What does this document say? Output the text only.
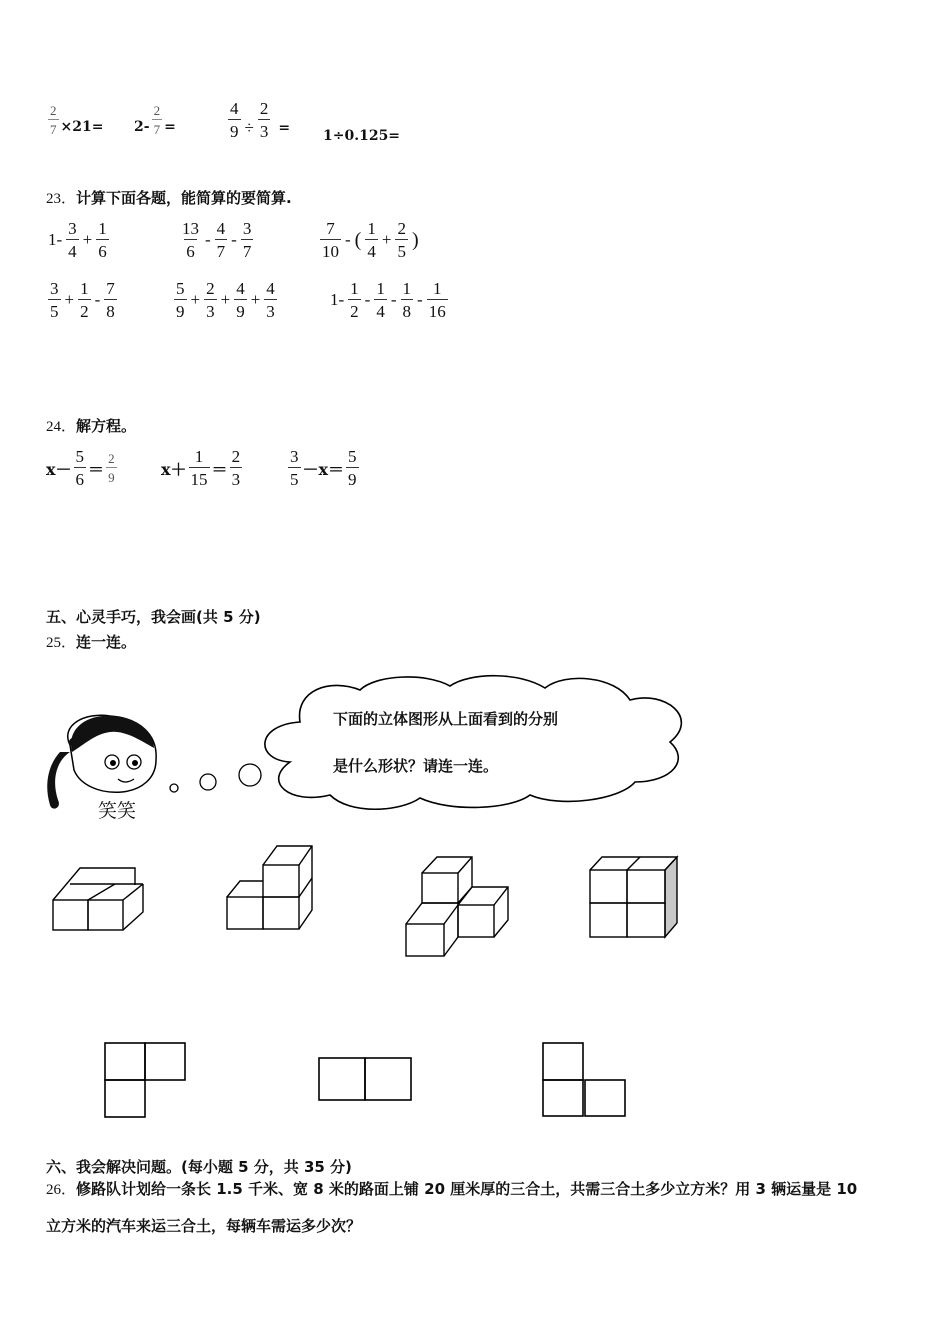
$\frac{2}{7} \times 21= 2- \frac{2}{7}$ =	$\frac{4}{9} \div \frac{2}{3} = 1\div 0.125=$
23．计算下面各题，能简算的要简算.
$1- \frac{3}{4} + \frac{1}{6}$	$\frac{13}{6} - \frac{4}{7} - \frac{3}{7}$	$\frac{7}{10}$ - ( $\frac{1}{4} + \frac{2}{5}$ )
$\frac{3}{5} + \frac{1}{2} - \frac{7}{8}$	$\frac{5}{9} + \frac{2}{3} + \frac{4}{9} + \frac{4}{3}$	$1- \frac{1}{2} - \frac{1}{4} - \frac{1}{8} - \frac{1}{16}$
24．解方程。
$x- \frac{5}{6} = \frac{2}{9}$	$x+ \frac{1}{15} = \frac{2}{3}$	$\frac{3}{5} -x= \frac{5}{9}$
五、心灵手巧，我会画(共 5 分)
25．连一连。
下面的立体图形从上面看到的分别
是什么形状？请连一连。
笑笑
六、我会解决问题。(每小题 5 分，共 35 分)
26．修路队计划给一条长 1.5 千米、宽 8 米的路面上铺 20 厘米厚的三合土，共需三合土多少立方米？用 3 辆运量是 10
立方米的汽车来运三合土，每辆车需运多少次？
